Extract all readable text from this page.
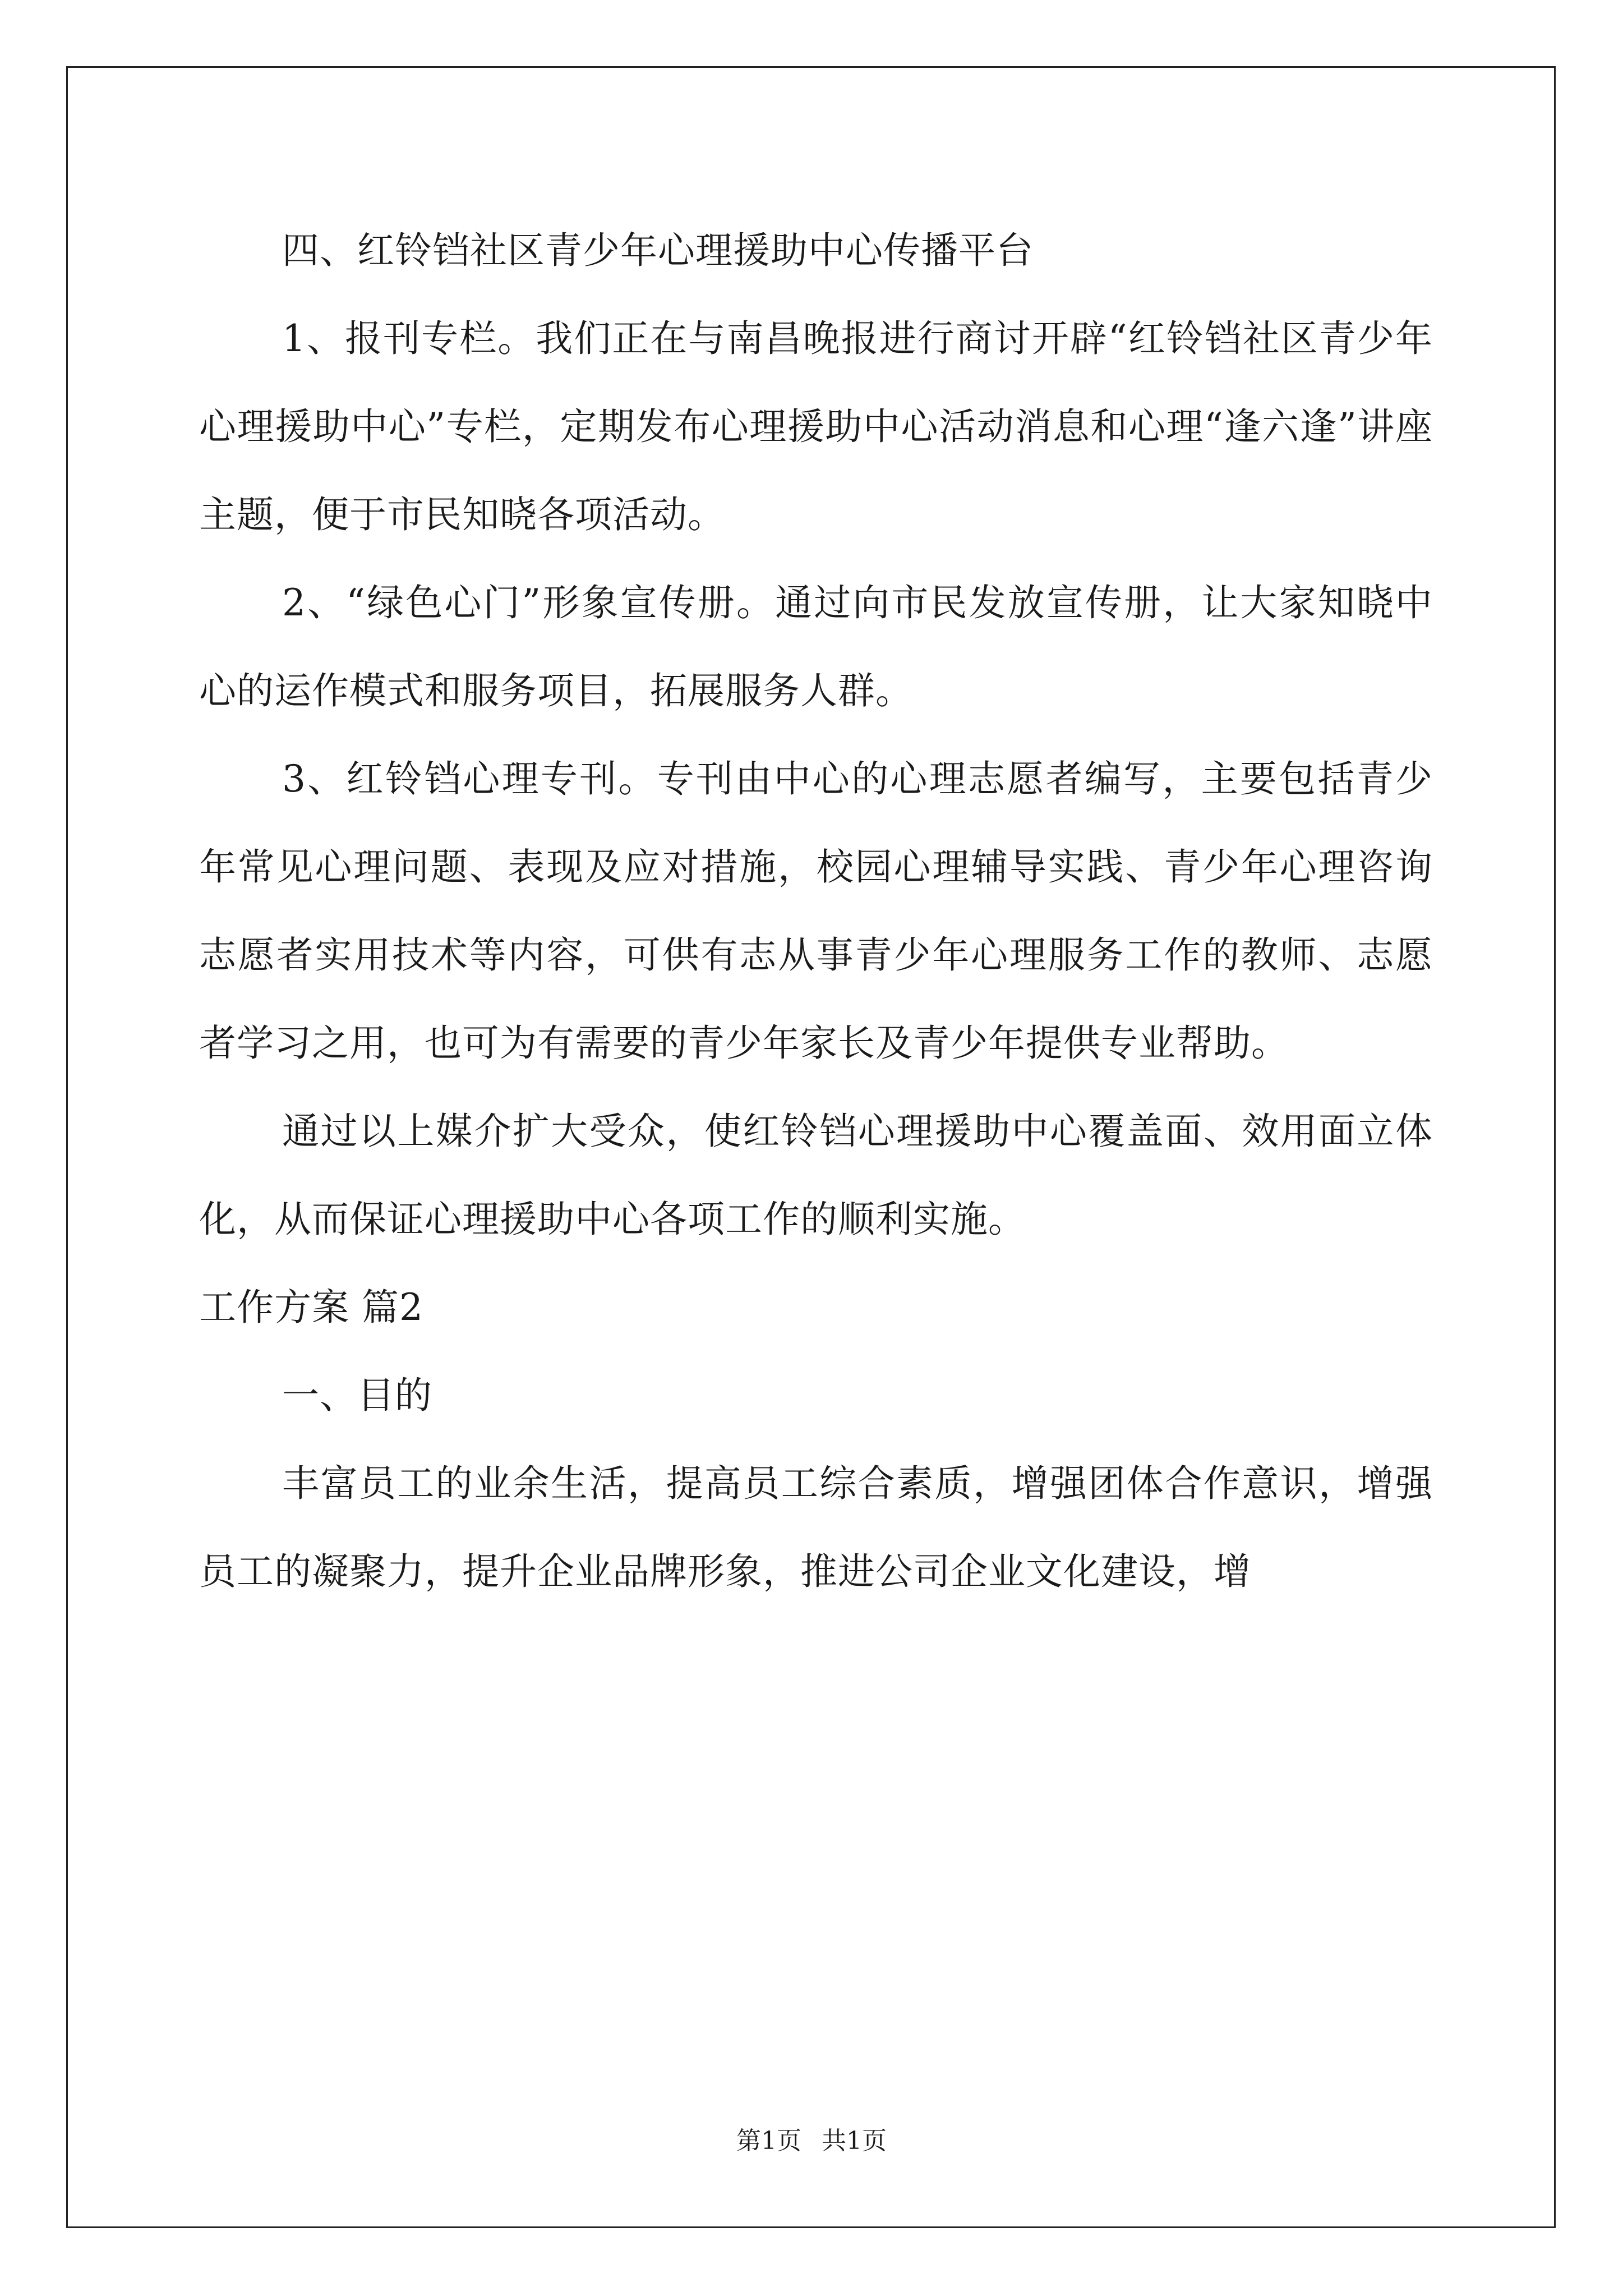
四、红铃铛社区青少年心理援助中心传播平台

1、报刊专栏。我们正在与南昌晚报进行商讨开辟“红铃铛社区青少年心理援助中心”专栏，定期发布心理援助中心活动消息和心理“逢六逢”讲座主题，便于市民知晓各项活动。

2、“绿色心门”形象宣传册。通过向市民发放宣传册，让大家知晓中心的运作模式和服务项目，拓展服务人群。

3、红铃铛心理专刊。专刊由中心的心理志愿者编写，主要包括青少年常见心理问题、表现及应对措施，校园心理辅导实践、青少年心理咨询志愿者实用技术等内容，可供有志从事青少年心理服务工作的教师、志愿者学习之用，也可为有需要的青少年家长及青少年提供专业帮助。

通过以上媒介扩大受众，使红铃铛心理援助中心覆盖面、效用面立体化，从而保证心理援助中心各项工作的顺利实施。

工作方案 篇2

一、目的

丰富员工的业余生活，提高员工综合素质，增强团体合作意识，增强员工的凝聚力，提升企业品牌形象，推进公司企业文化建设，增

第1页 共1页
